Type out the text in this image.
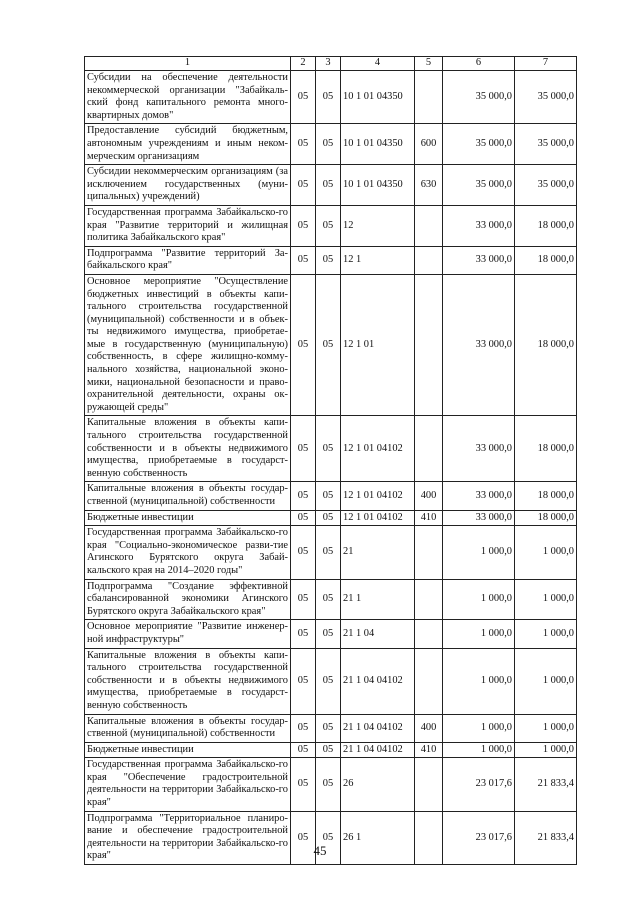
1	2	3	4	5	6	7
Субсидии на обеспечение деятельности некоммерческой организации "Забайкаль-ский фонд капитального ремонта много-квартирных домов"	05	05	10 1 01 04350		35 000,0	35 000,0
Предоставление субсидий бюджетным, автономным учреждениям и иным неком-мерческим организациям	05	05	10 1 01 04350	600	35 000,0	35 000,0
Субсидии некоммерческим организациям (за исключением государственных (муни-ципальных) учреждений)	05	05	10 1 01 04350	630	35 000,0	35 000,0
Государственная программа Забайкальско-го края "Развитие территорий и жилищная политика Забайкальского края"	05	05	12		33 000,0	18 000,0
Подпрограмма "Развитие территорий За-байкальского края"	05	05	12 1		33 000,0	18 000,0
Основное мероприятие "Осуществление бюджетных инвестиций в объекты капи-тального строительства государственной (муниципальной) собственности и в объек-ты недвижимого имущества, приобретае-мые в государственную (муниципальную) собственность, в сфере жилищно-комму-нального хозяйства, национальной эконо-мики, национальной безопасности и право-охранительной деятельности, охраны ок-ружающей среды"	05	05	12 1 01		33 000,0	18 000,0
Капитальные вложения в объекты капи-тального строительства государственной собственности и в объекты недвижимого имущества, приобретаемые в государст-венную собственность	05	05	12 1 01 04102		33 000,0	18 000,0
Капитальные вложения в объекты государ-ственной (муниципальной) собственности	05	05	12 1 01 04102	400	33 000,0	18 000,0
Бюджетные инвестиции	05	05	12 1 01 04102	410	33 000,0	18 000,0
Государственная программа Забайкальско-го края "Социально-экономическое разви-тие Агинского Бурятского округа Забай-кальского края на 2014–2020 годы"	05	05	21		1 000,0	1 000,0
Подпрограмма "Создание эффективной сбалансированной экономики Агинского Бурятского округа Забайкальского края"	05	05	21 1		1 000,0	1 000,0
Основное мероприятие "Развитие инженер-ной инфраструктуры"	05	05	21 1 04		1 000,0	1 000,0
Капитальные вложения в объекты капи-тального строительства государственной собственности и в объекты недвижимого имущества, приобретаемые в государст-венную собственность	05	05	21 1 04 04102		1 000,0	1 000,0
Капитальные вложения в объекты государ-ственной (муниципальной) собственности	05	05	21 1 04 04102	400	1 000,0	1 000,0
Бюджетные инвестиции	05	05	21 1 04 04102	410	1 000,0	1 000,0
Государственная программа Забайкальско-го края "Обеспечение градостроительной деятельности на территории Забайкальско-го края"	05	05	26		23 017,6	21 833,4
Подпрограмма "Территориальное планиро-вание и обеспечение градостроительной деятельности на территории Забайкальско-го края"	05	05	26 1		23 017,6	21 833,4
45
